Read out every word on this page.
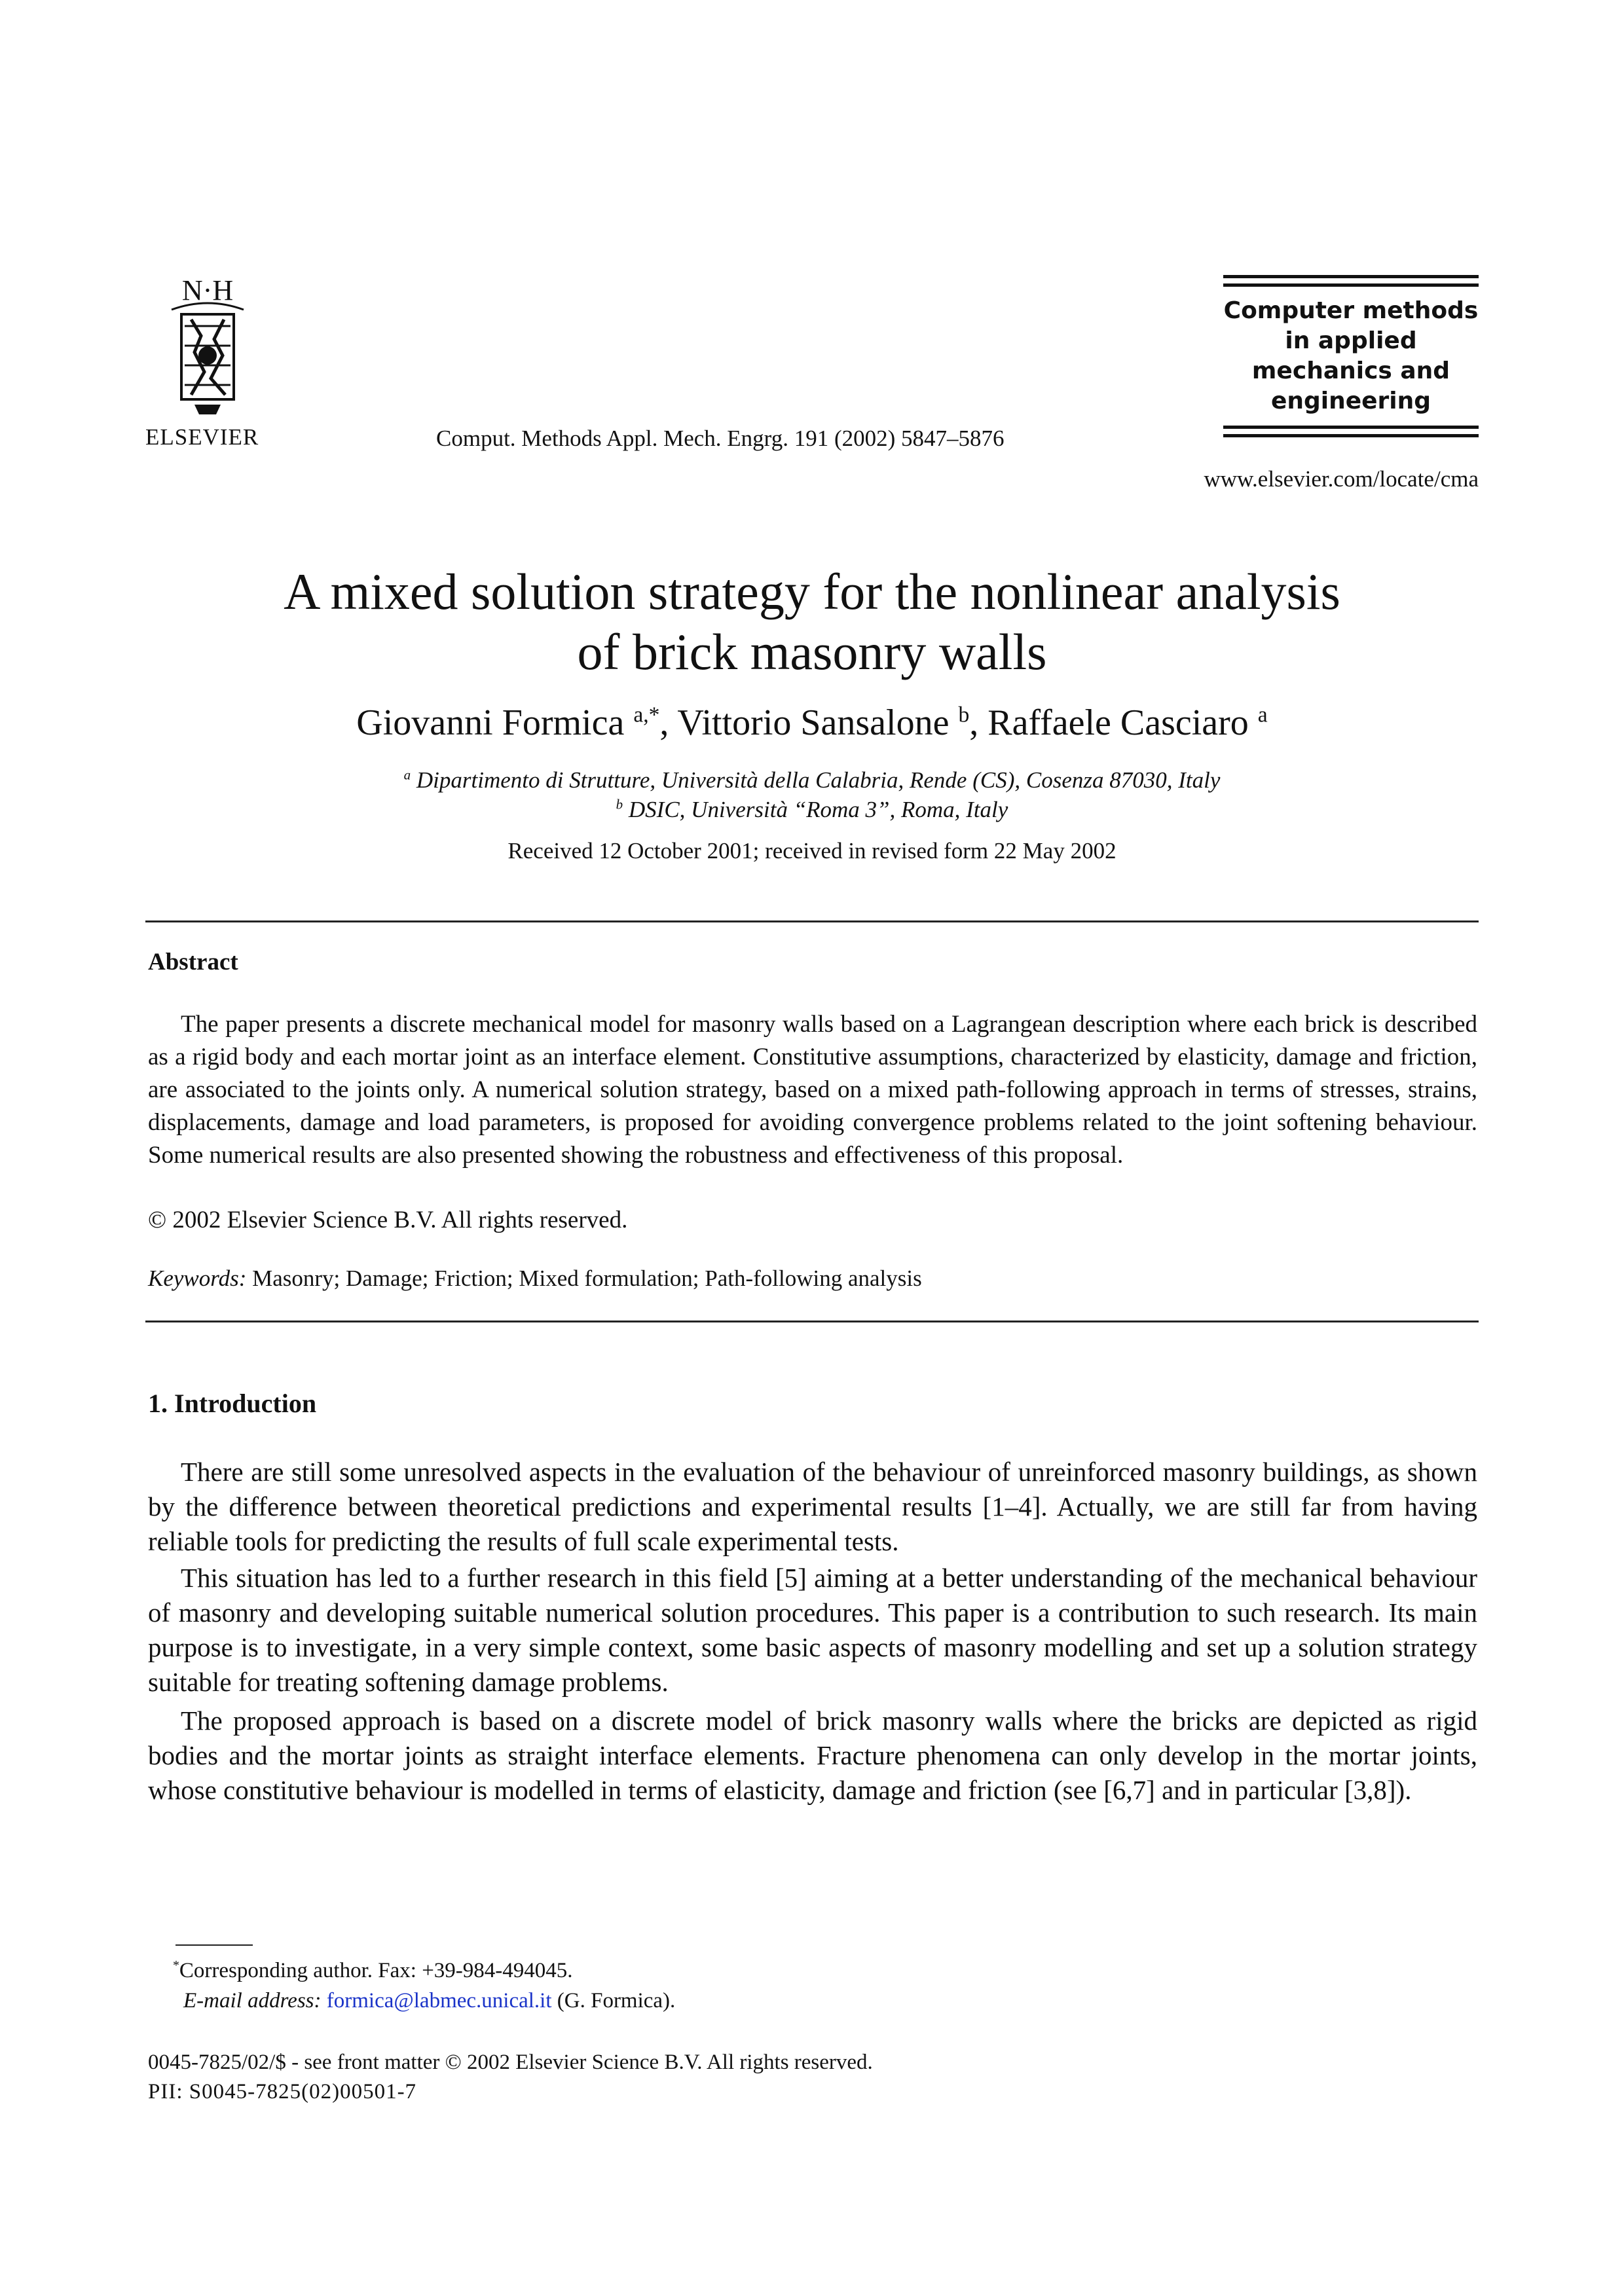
N·H
ELSEVIER	Comput. Methods Appl. Mech. Engrg. 191 (2002) 5847–5876
Computer methods
in applied
mechanics and
engineering
www.elsevier.com/locate/cma
A mixed solution strategy for the nonlinear analysis
of brick masonry walls
Giovanni Formica $^{a,*}$, Vittorio Sansalone $^b$, Raffaele Casciaro $^a$
$^a$ Dipartimento di Strutture, Università della Calabria, Rende (CS), Cosenza 87030, Italy
$^b$ DSIC, Università “Roma 3”, Roma, Italy
Received 12 October 2001; received in revised form 22 May 2002
Abstract

The paper presents a discrete mechanical model for masonry walls based on a Lagrangean description where each brick is described as a rigid body and each mortar joint as an interface element. Constitutive assumptions, characterized by elasticity, damage and friction, are associated to the joints only. A numerical solution strategy, based on a mixed path-following approach in terms of stresses, strains, displacements, damage and load parameters, is proposed for avoiding convergence problems related to the joint softening behaviour. Some numerical results are also presented showing the robustness and effectiveness of this proposal.

© 2002 Elsevier Science B.V. All rights reserved.
Keywords: Masonry; Damage; Friction; Mixed formulation; Path-following analysis
1. Introduction

There are still some unresolved aspects in the evaluation of the behaviour of unreinforced masonry buildings, as shown by the difference between theoretical predictions and experimental results [1–4]. Actually, we are still far from having reliable tools for predicting the results of full scale experimental tests.

This situation has led to a further research in this field [5] aiming at a better understanding of the mechanical behaviour of masonry and developing suitable numerical solution procedures. This paper is a contribution to such research. Its main purpose is to investigate, in a very simple context, some basic aspects of masonry modelling and set up a solution strategy suitable for treating softening damage problems.

The proposed approach is based on a discrete model of brick masonry walls where the bricks are depicted as rigid bodies and the mortar joints as straight interface elements. Fracture phenomena can only develop in the mortar joints, whose constitutive behaviour is modelled in terms of elasticity, damage and friction (see [6,7] and in particular [3,8]).

*Corresponding author. Fax: +39-984-494045.
E-mail address: formica@labmec.unical.it (G. Formica).
0045-7825/02/$ - see front matter © 2002 Elsevier Science B.V. All rights reserved.
PII: S0045-7825(02)00501-7
